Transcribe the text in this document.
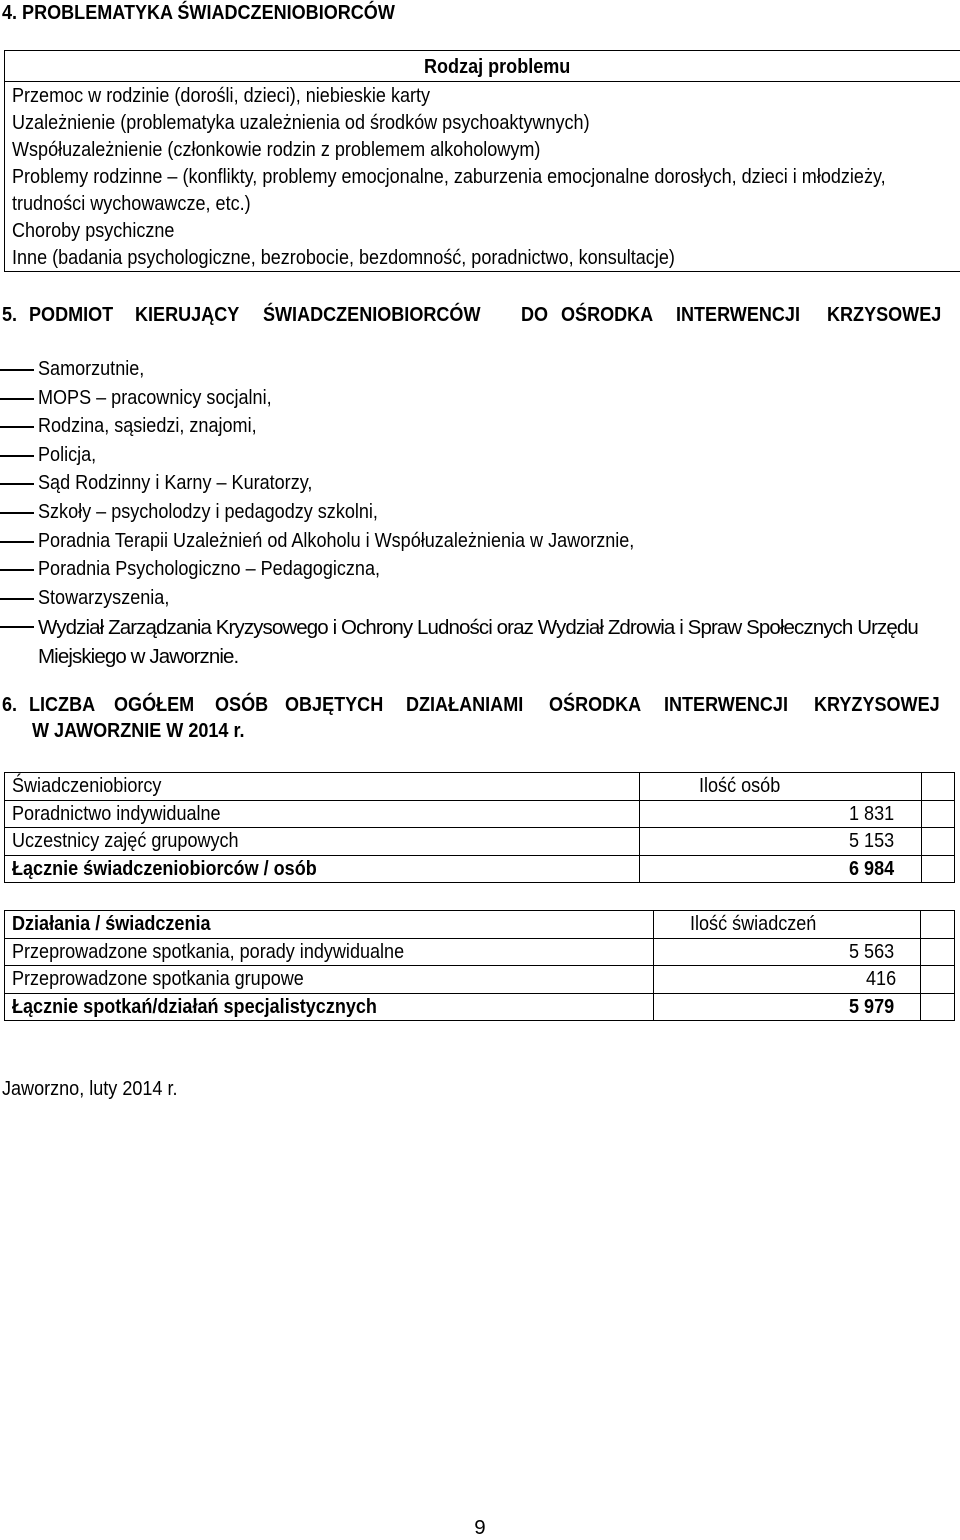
4. PROBLEMATYKA ŚWIADCZENIOBIORCÓW
Rodzaj problemu
Przemoc w rodzinie (dorośli, dzieci), niebieskie karty
Uzależnienie (problematyka uzależnienia od środków psychoaktywnych)
Współuzależnienie (członkowie rodzin z problemem alkoholowym)
Problemy rodzinne – (konflikty, problemy emocjonalne, zaburzenia emocjonalne dorosłych, dzieci i młodzieży,
trudności wychowawcze, etc.)
Choroby psychiczne
Inne (badania psychologiczne, bezrobocie, bezdomność, poradnictwo, konsultacje)
5. PODMIOT KIERUJĄCY ŚWIADCZENIOBIORCÓW DO OŚRODKA INTERWENCJI KRZYSOWEJ
Samorzutnie,
MOPS – pracownicy socjalni,
Rodzina, sąsiedzi, znajomi,
Policja,
Sąd Rodzinny i Karny – Kuratorzy,
Szkoły – psycholodzy i pedagodzy szkolni,
Poradnia Terapii Uzależnień od Alkoholu i Współuzależnienia w Jaworznie,
Poradnia Psychologiczno – Pedagogiczna,
Stowarzyszenia,
Wydział Zarządzania Kryzysowego i Ochrony Ludności oraz Wydział Zdrowia i Spraw Społecznych Urzędu Miejskiego w Jaworznie.
6. LICZBA OGÓŁEM OSÓB OBJĘTYCH DZIAŁANIAMI OŚRODKA INTERWENCJI KRYZYSOWEJ
W JAWORZNIE W 2014 r.
Świadczeniobiorcy	Ilość osób	
Poradnictwo indywidualne	1 831	
Uczestnicy zajęć grupowych	5 153	
Łącznie świadczeniobiorców / osób	6 984	
Działania / świadczenia	Ilość świadczeń	
Przeprowadzone spotkania, porady indywidualne	5 563	
Przeprowadzone spotkania grupowe	416	
Łącznie spotkań/działań specjalistycznych	5 979	
Jaworzno, luty 2014 r.
9
